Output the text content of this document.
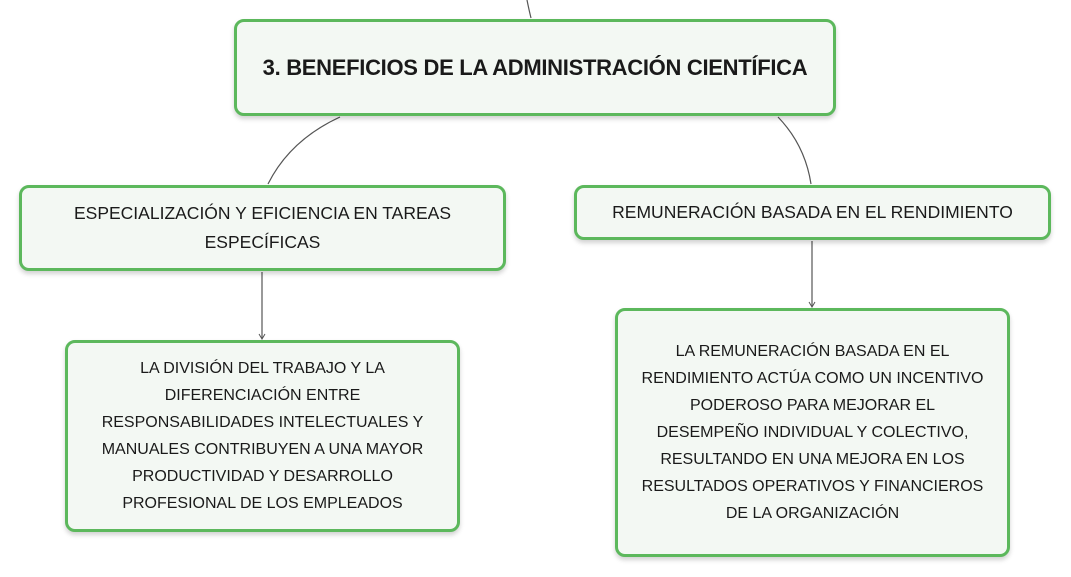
3. BENEFICIOS DE LA ADMINISTRACIÓN CIENTÍFICA
ESPECIALIZACIÓN Y EFICIENCIA EN TAREAS ESPECÍFICAS
REMUNERACIÓN BASADA EN EL RENDIMIENTO
LA DIVISIÓN DEL TRABAJO Y LA DIFERENCIACIÓN ENTRE RESPONSABILIDADES INTELECTUALES Y MANUALES CONTRIBUYEN A UNA MAYOR PRODUCTIVIDAD Y DESARROLLO PROFESIONAL DE LOS EMPLEADOS
LA REMUNERACIÓN BASADA EN EL RENDIMIENTO ACTÚA COMO UN INCENTIVO PODEROSO PARA MEJORAR EL DESEMPEÑO INDIVIDUAL Y COLECTIVO, RESULTANDO EN UNA MEJORA EN LOS RESULTADOS OPERATIVOS Y FINANCIEROS DE LA ORGANIZACIÓN
